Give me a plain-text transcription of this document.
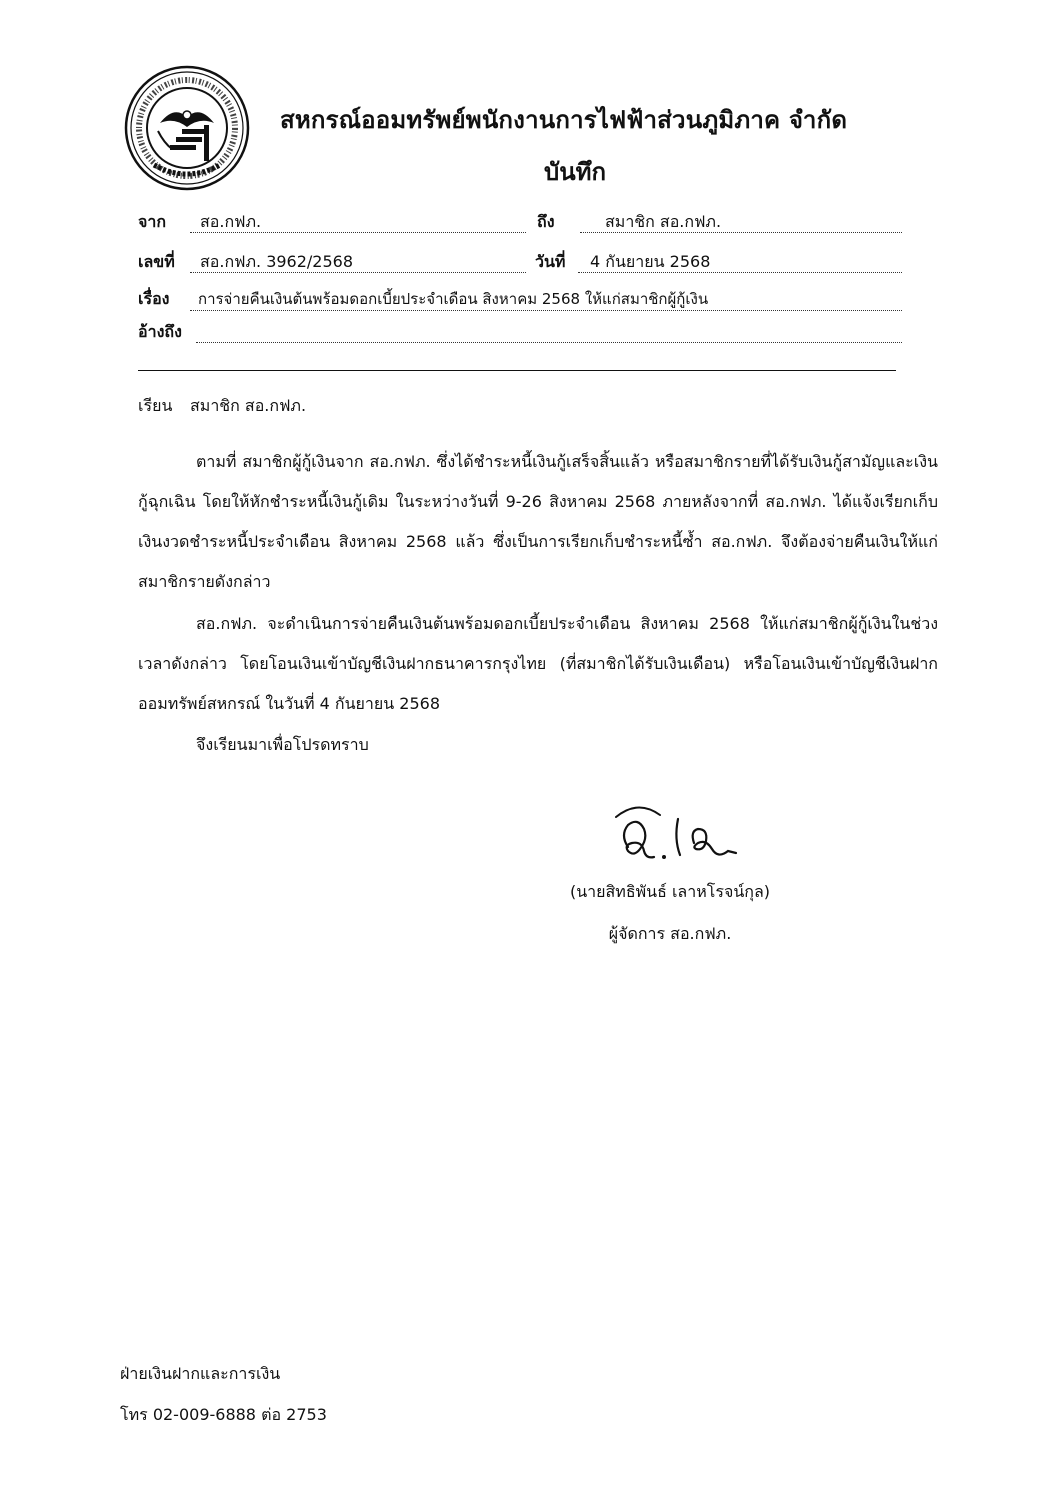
สหกรณ์ออมทรัพย์พนักงานการไฟฟ้าส่วนภูมิภาค จำกัด
บันทึก
จาก สอ.กฟภ.	ถึง	สมาชิก สอ.กฟภ.
เลขที่ สอ.กฟภ. 3962/2568	วันที่ 4 กันยายน 2568
เรื่อง การจ่ายคืนเงินต้นพร้อมดอกเบี้ยประจำเดือน สิงหาคม 2568 ให้แก่สมาชิกผู้กู้เงิน
อ้างถึง
เรียน สมาชิก สอ.กฟภ.
ตามที่ สมาชิกผู้กู้เงินจาก สอ.กฟภ. ซึ่งได้ชำระหนี้เงินกู้เสร็จสิ้นแล้ว หรือสมาชิกรายที่ได้รับเงินกู้สามัญและเงินกู้ฉุกเฉิน โดยให้หักชำระหนี้เงินกู้เดิม ในระหว่างวันที่ 9-26 สิงหาคม 2568 ภายหลังจากที่ สอ.กฟภ. ได้แจ้งเรียกเก็บเงินงวดชำระหนี้ประจำเดือน สิงหาคม 2568 แล้ว ซึ่งเป็นการเรียกเก็บชำระหนี้ซ้ำ สอ.กฟภ. จึงต้องจ่ายคืนเงินให้แก่สมาชิกรายดังกล่าว
สอ.กฟภ. จะดำเนินการจ่ายคืนเงินต้นพร้อมดอกเบี้ยประจำเดือน สิงหาคม 2568 ให้แก่สมาชิกผู้กู้เงินในช่วงเวลาดังกล่าว โดยโอนเงินเข้าบัญชีเงินฝากธนาคารกรุงไทย (ที่สมาชิกได้รับเงินเดือน) หรือโอนเงินเข้าบัญชีเงินฝากออมทรัพย์สหกรณ์ ในวันที่ 4 กันยายน 2568
จึงเรียนมาเพื่อโปรดทราบ
(นายสิทธิพันธ์ เลาหโรจน์กุล)
ผู้จัดการ สอ.กฟภ.
ฝ่ายเงินฝากและการเงิน
โทร 02-009-6888 ต่อ 2753
